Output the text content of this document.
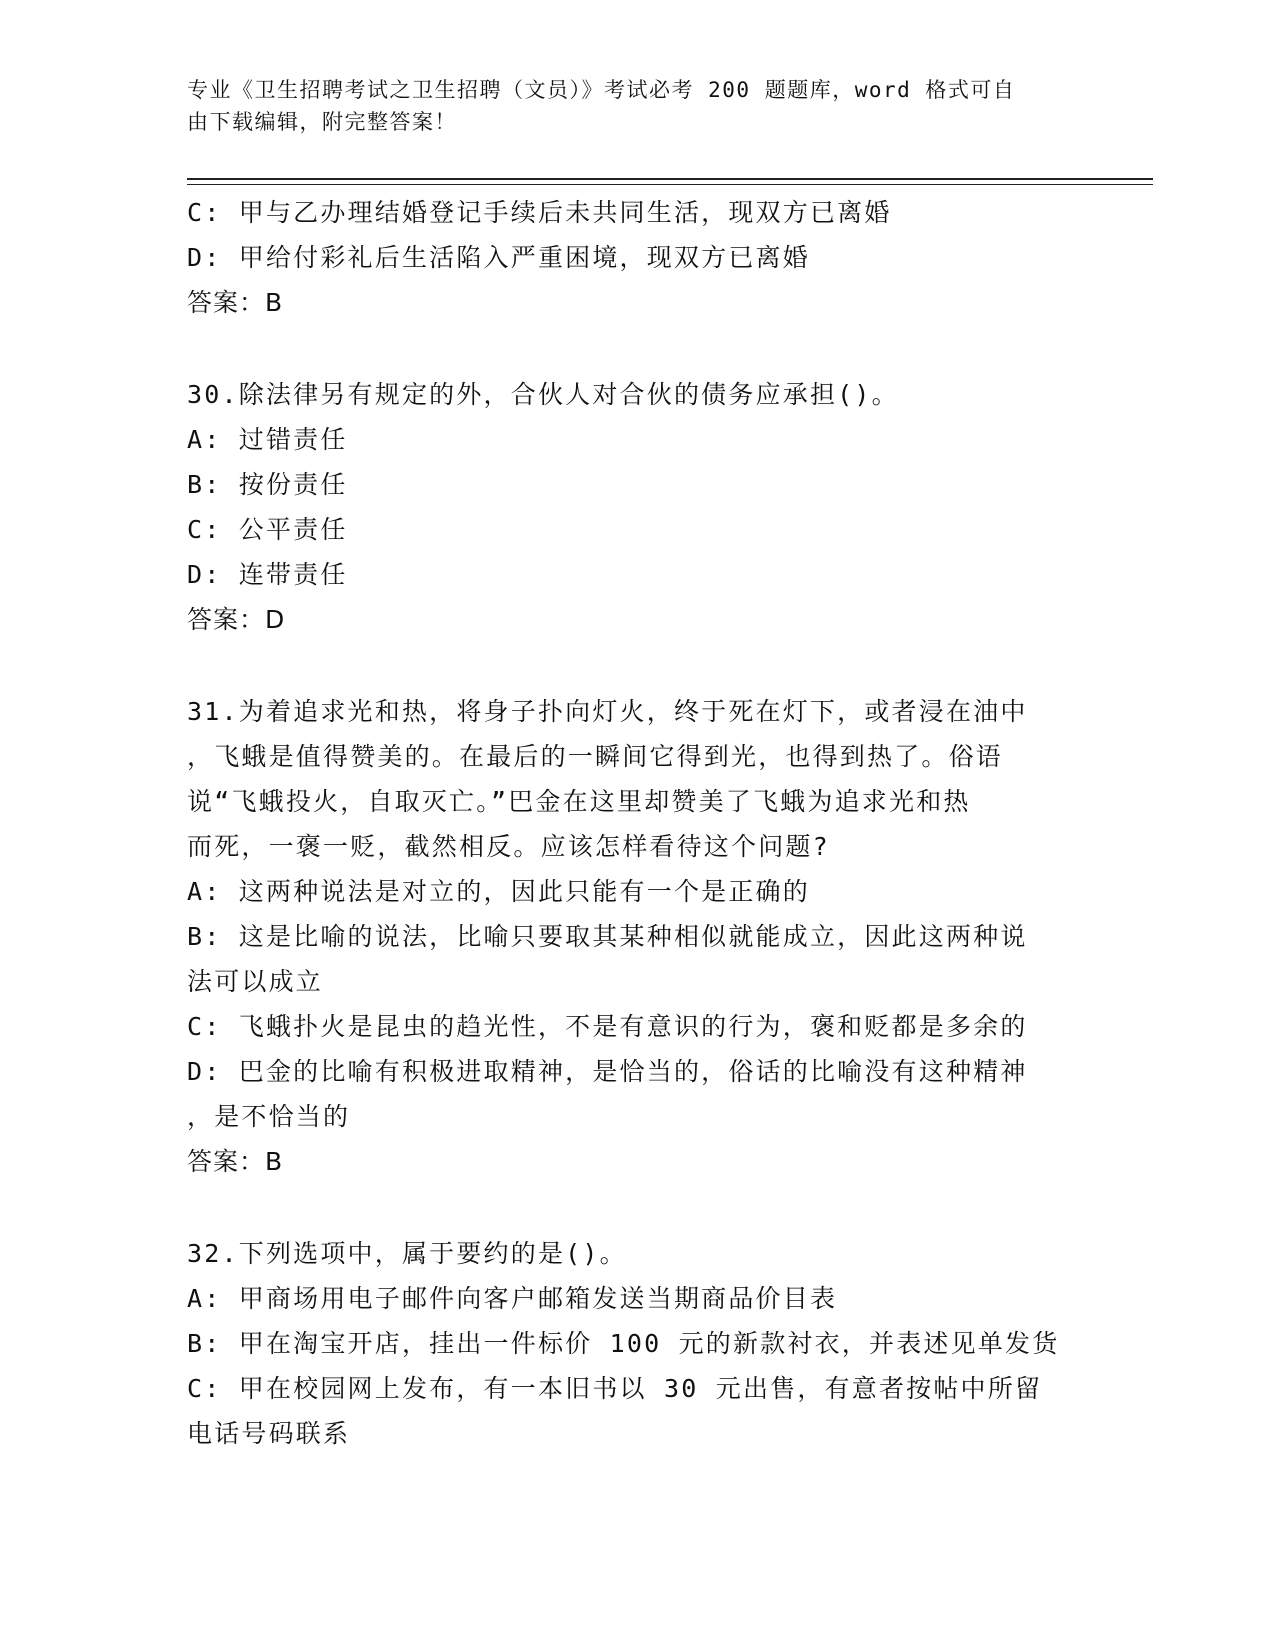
专业《卫生招聘考试之卫生招聘（文员）》考试必考 200 题题库，word 格式可自
由下载编辑，附完整答案！
C: 甲与乙办理结婚登记手续后未共同生活，现双方已离婚
D: 甲给付彩礼后生活陷入严重困境，现双方已离婚
答案：B
30.除法律另有规定的外，合伙人对合伙的债务应承担()。
A: 过错责任
B: 按份责任
C: 公平责任
D: 连带责任
答案：D
31.为着追求光和热，将身子扑向灯火，终于死在灯下，或者浸在油中
，飞蛾是值得赞美的。在最后的一瞬间它得到光，也得到热了。俗语
说“飞蛾投火，自取灭亡。”巴金在这里却赞美了飞蛾为追求光和热
而死，一褒一贬，截然相反。应该怎样看待这个问题?
A: 这两种说法是对立的，因此只能有一个是正确的
B: 这是比喻的说法，比喻只要取其某种相似就能成立，因此这两种说
法可以成立
C: 飞蛾扑火是昆虫的趋光性，不是有意识的行为，褒和贬都是多余的
D: 巴金的比喻有积极进取精神，是恰当的，俗话的比喻没有这种精神
，是不恰当的
答案：B
32.下列选项中，属于要约的是()。
A: 甲商场用电子邮件向客户邮箱发送当期商品价目表
B: 甲在淘宝开店，挂出一件标价 100 元的新款衬衣，并表述见单发货
C: 甲在校园网上发布，有一本旧书以 30 元出售，有意者按帖中所留
电话号码联系
